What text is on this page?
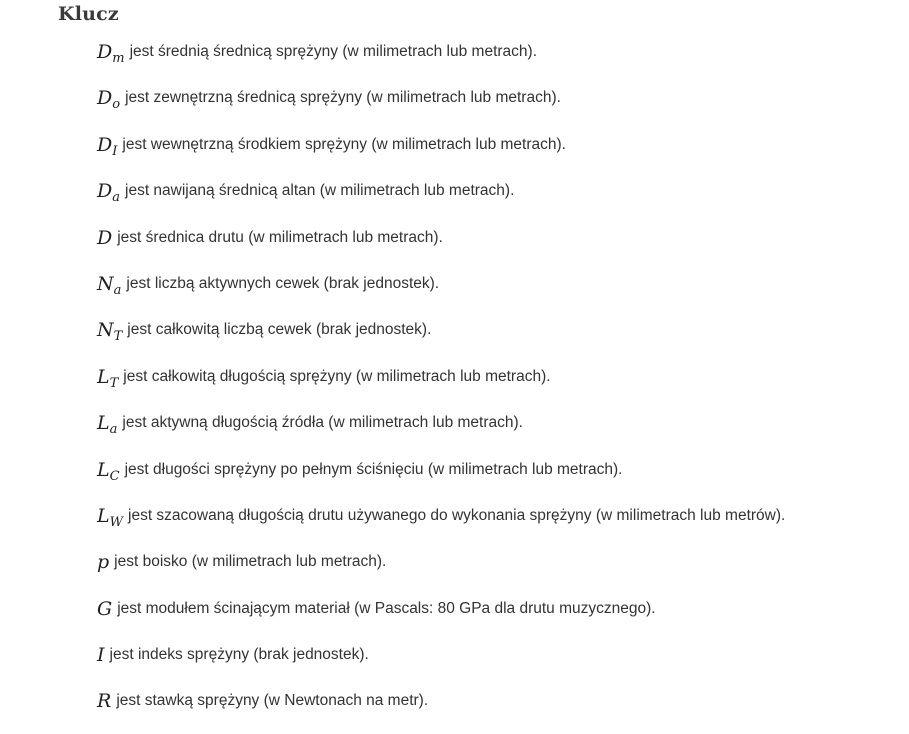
Klucz
$D_m$ jest średnią średnicą sprężyny (w milimetrach lub metrach).
$D_o$ jest zewnętrzną średnicą sprężyny (w milimetrach lub metrach).
$D_I$ jest wewnętrzną środkiem sprężyny (w milimetrach lub metrach).
$D_a$ jest nawijaną średnicą altan (w milimetrach lub metrach).
D jest średnica drutu (w milimetrach lub metrach).
$N_a$ jest liczbą aktywnych cewek (brak jednostek).
$N_T$ jest całkowitą liczbą cewek (brak jednostek).
$L_T$ jest całkowitą długością sprężyny (w milimetrach lub metrach).
$L_a$ jest aktywną długością źródła (w milimetrach lub metrach).
$L_C$ jest długości sprężyny po pełnym ściśnięciu (w milimetrach lub metrach).
$L_W$ jest szacowaną długością drutu używanego do wykonania sprężyny (w milimetrach lub metrów).
p jest boisko (w milimetrach lub metrach).
G jest modułem ścinającym materiał (w Pascals: 80 GPa dla drutu muzycznego).
I jest indeks sprężyny (brak jednostek).
R jest stawką sprężyny (w Newtonach na metr).
